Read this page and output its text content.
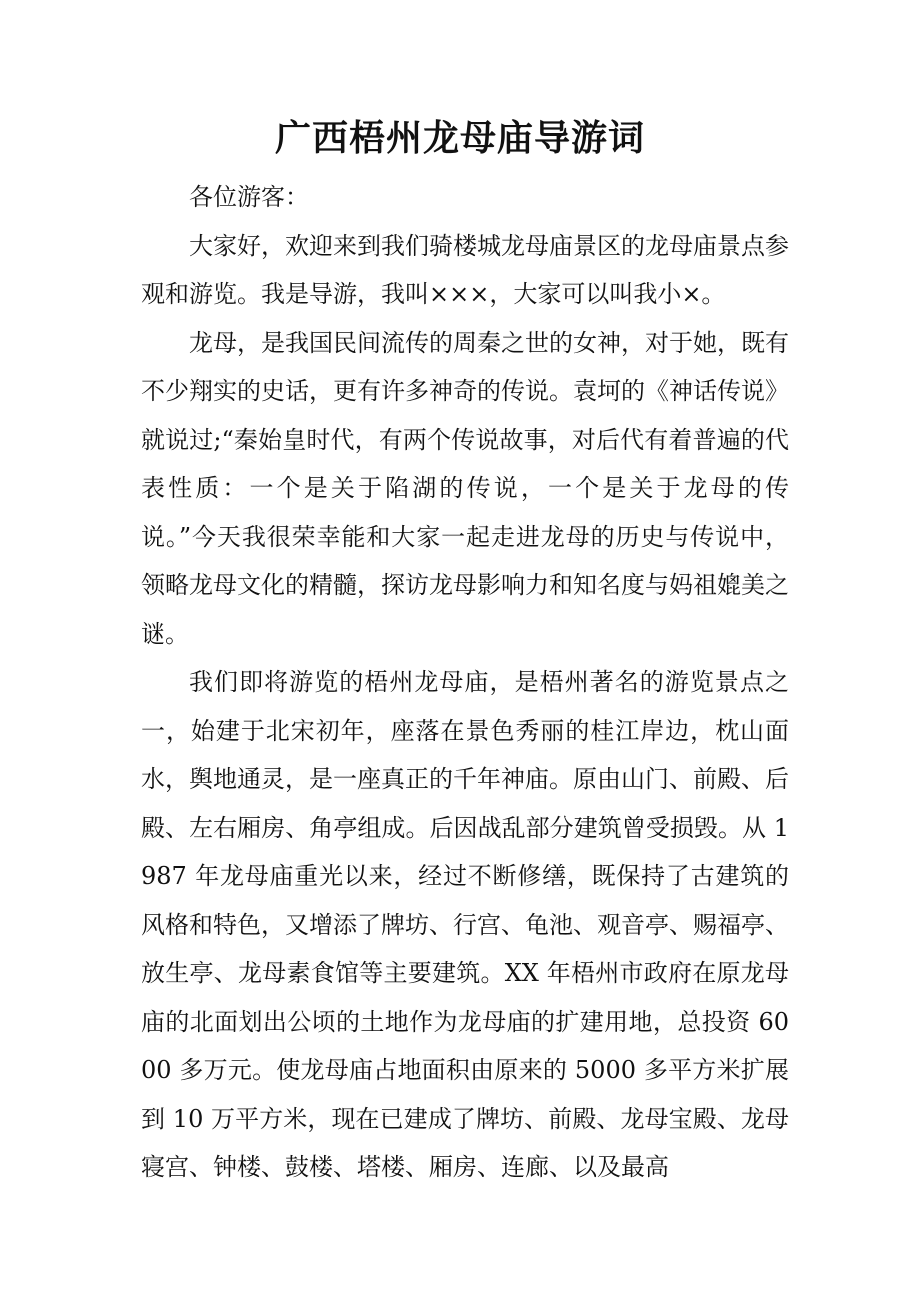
广西梧州龙母庙导游词

各位游客：

大家好，欢迎来到我们骑楼城龙母庙景区的龙母庙景点参观和游览。我是导游，我叫×××，大家可以叫我小×。

龙母，是我国民间流传的周秦之世的女神，对于她，既有不少翔实的史话，更有许多神奇的传说。袁坷的《神话传说》就说过;“秦始皇时代，有两个传说故事，对后代有着普遍的代表性质：一个是关于陷湖的传说，一个是关于龙母的传说。”今天我很荣幸能和大家一起走进龙母的历史与传说中，领略龙母文化的精髓，探访龙母影响力和知名度与妈祖媲美之谜。

我们即将游览的梧州龙母庙，是梧州著名的游览景点之一，始建于北宋初年，座落在景色秀丽的桂江岸边，枕山面水，舆地通灵，是一座真正的千年神庙。原由山门、前殿、后殿、左右厢房、角亭组成。后因战乱部分建筑曾受损毁。从 1987 年龙母庙重光以来，经过不断修缮，既保持了古建筑的风格和特色，又增添了牌坊、行宫、龟池、观音亭、赐福亭、放生亭、龙母素食馆等主要建筑。XX 年梧州市政府在原龙母庙的北面划出公顷的土地作为龙母庙的扩建用地，总投资 6000 多万元。使龙母庙占地面积由原来的 5000 多平方米扩展到 10 万平方米，现在已建成了牌坊、前殿、龙母宝殿、龙母寝宫、钟楼、鼓楼、塔楼、厢房、连廊、以及最高
